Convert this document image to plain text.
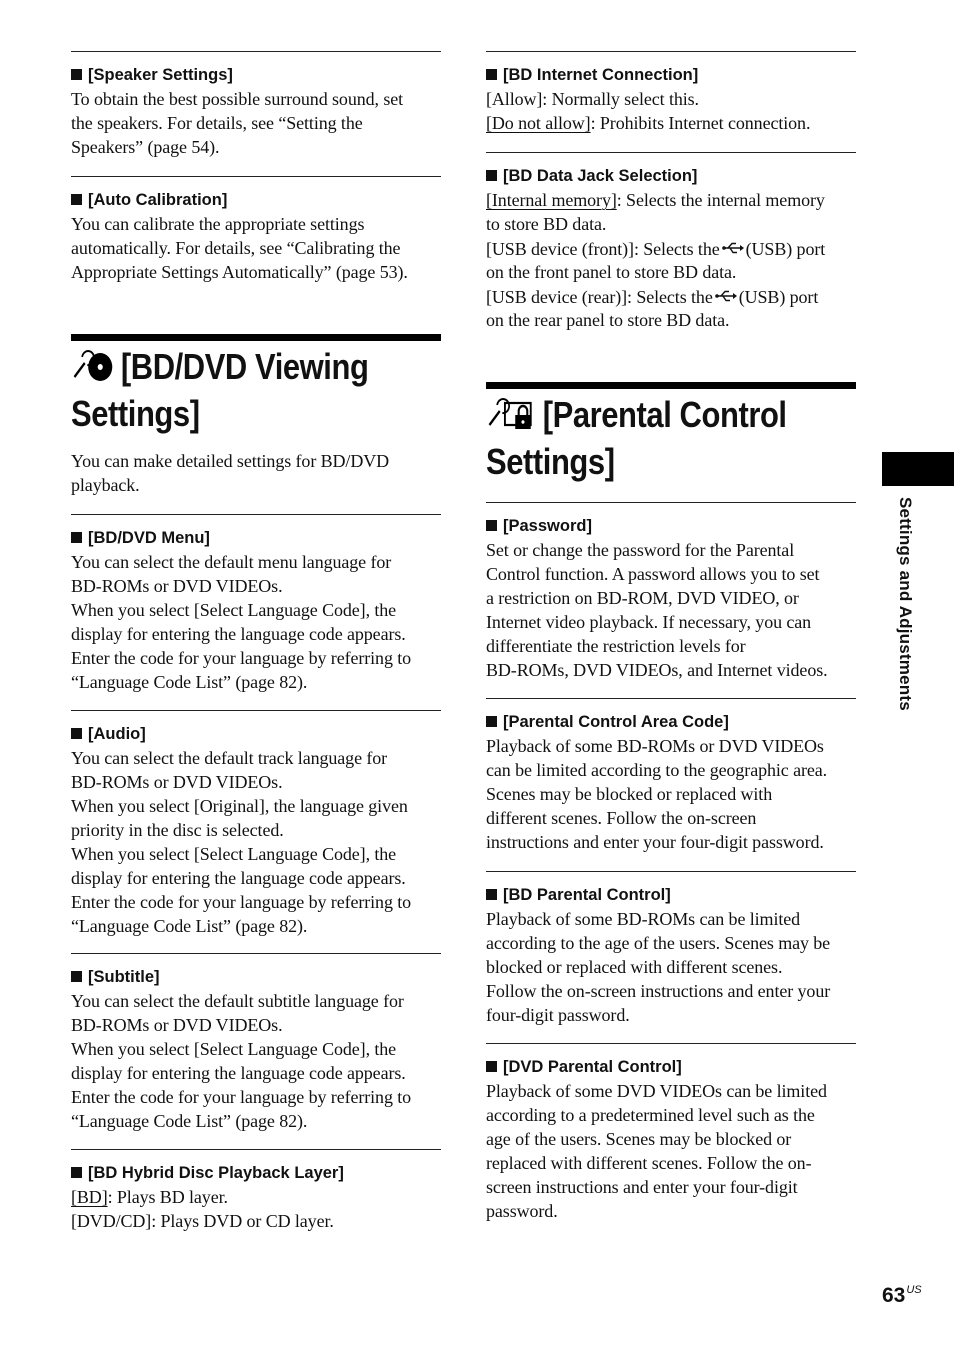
[Speaker Settings]
To obtain the best possible surround sound, set
the speakers. For details, see “Setting the
Speakers” (page 54).
[Auto Calibration]
You can calibrate the appropriate settings
automatically. For details, see “Calibrating the
Appropriate Settings Automatically” (page 53).
[BD/DVD Viewing
Settings]
You can make detailed settings for BD/DVD
playback.
[BD/DVD Menu]
You can select the default menu language for
BD-ROMs or DVD VIDEOs.
When you select [Select Language Code], the
display for entering the language code appears.
Enter the code for your language by referring to
“Language Code List” (page 82).
[Audio]
You can select the default track language for
BD-ROMs or DVD VIDEOs.
When you select [Original], the language given
priority in the disc is selected.
When you select [Select Language Code], the
display for entering the language code appears.
Enter the code for your language by referring to
“Language Code List” (page 82).
[Subtitle]
You can select the default subtitle language for
BD-ROMs or DVD VIDEOs.
When you select [Select Language Code], the
display for entering the language code appears.
Enter the code for your language by referring to
“Language Code List” (page 82).
[BD Hybrid Disc Playback Layer]
[BD]: Plays BD layer.
[DVD/CD]: Plays DVD or CD layer.
[BD Internet Connection]
[Allow]: Normally select this.
[Do not allow]: Prohibits Internet connection.
[BD Data Jack Selection]
[Internal memory]: Selects the internal memory
to store BD data.
[USB device (front)]: Selects the (USB) port
on the front panel to store BD data.
[USB device (rear)]: Selects the (USB) port
on the rear panel to store BD data.
[Parental Control
Settings]
[Password]
Set or change the password for the Parental
Control function. A password allows you to set
a restriction on BD-ROM, DVD VIDEO, or
Internet video playback. If necessary, you can
differentiate the restriction levels for
BD-ROMs, DVD VIDEOs, and Internet videos.
[Parental Control Area Code]
Playback of some BD-ROMs or DVD VIDEOs
can be limited according to the geographic area.
Scenes may be blocked or replaced with
different scenes. Follow the on-screen
instructions and enter your four-digit password.
[BD Parental Control]
Playback of some BD-ROMs can be limited
according to the age of the users. Scenes may be
blocked or replaced with different scenes.
Follow the on-screen instructions and enter your
four-digit password.
[DVD Parental Control]
Playback of some DVD VIDEOs can be limited
according to a predetermined level such as the
age of the users. Scenes may be blocked or
replaced with different scenes. Follow the on-
screen instructions and enter your four-digit
password.
Settings and Adjustments
$63^{US}$
